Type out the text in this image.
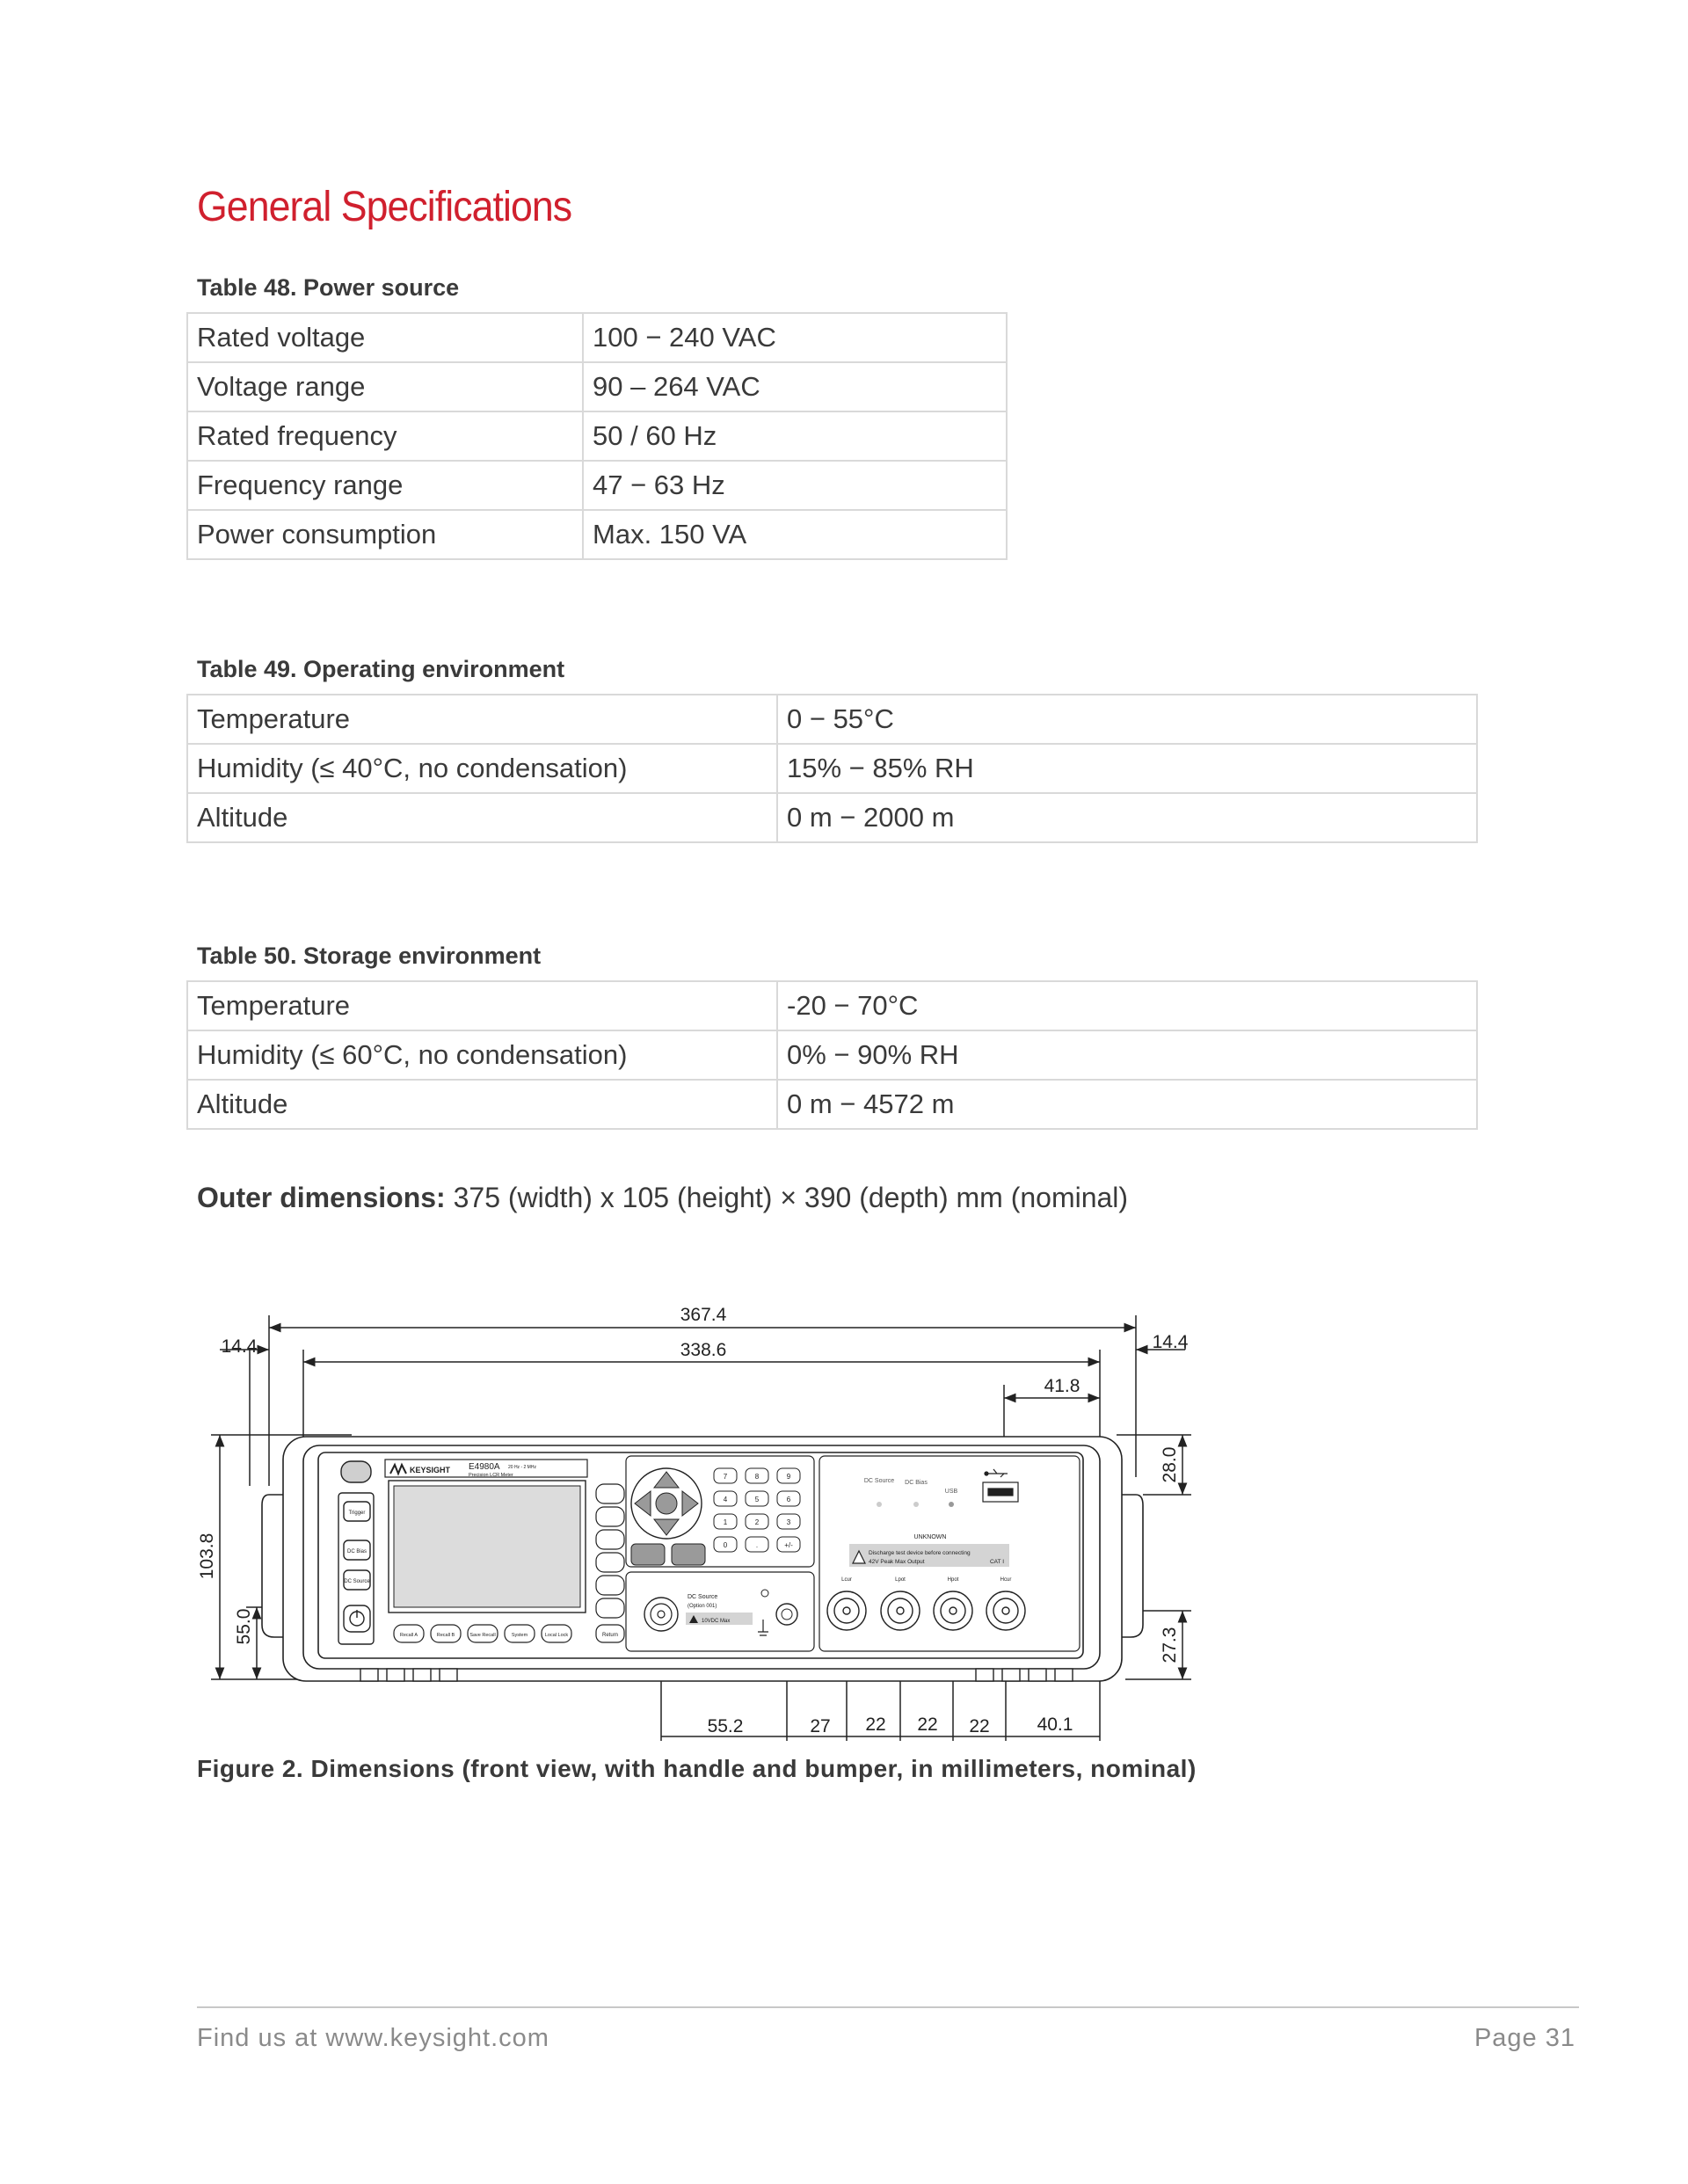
General Specifications

Table 48. Power source

Rated voltage	100 − 240 VAC
Voltage range	90 – 264 VAC
Rated frequency	50 / 60 Hz
Frequency range	47 − 63 Hz
Power consumption	Max. 150 VA

Table 49. Operating environment

Temperature	0 − 55°C
Humidity (≤ 40°C, no condensation)	15% − 85% RH
Altitude	0 m − 2000 m

Table 50. Storage environment

Temperature	-20 − 70°C
Humidity (≤ 60°C, no condensation)	0% − 90% RH
Altitude	0 m − 4572 m

Outer dimensions: 375 (width) x 105 (height) × 390 (depth) mm (nominal)

367.4
338.6
14.4	14.4
41.8
28.0
27.3
103.8
55.0
55.2	27 22 22 22	40.1
Trigger
DC Bias
DC Source
KEYSIGHT E4980A 20 Hz - 2 MHz
Precision LCR Meter
Return
Recall A	Recall B	Save Recall	System	Local Lock
7	8	9
4	5	6
1	2	3
0	.	+/-
DC Source
(Option 001)
10VDC Max
DC Source DC Bias
USB
UNKNOWN
Discharge test device before connecting
42V Peak Max Output	CAT I
Lcur	Lpot	Hpot	Hcur

Figure 2. Dimensions (front view, with handle and bumper, in millimeters, nominal)

Find us at www.keysight.com	Page 31
